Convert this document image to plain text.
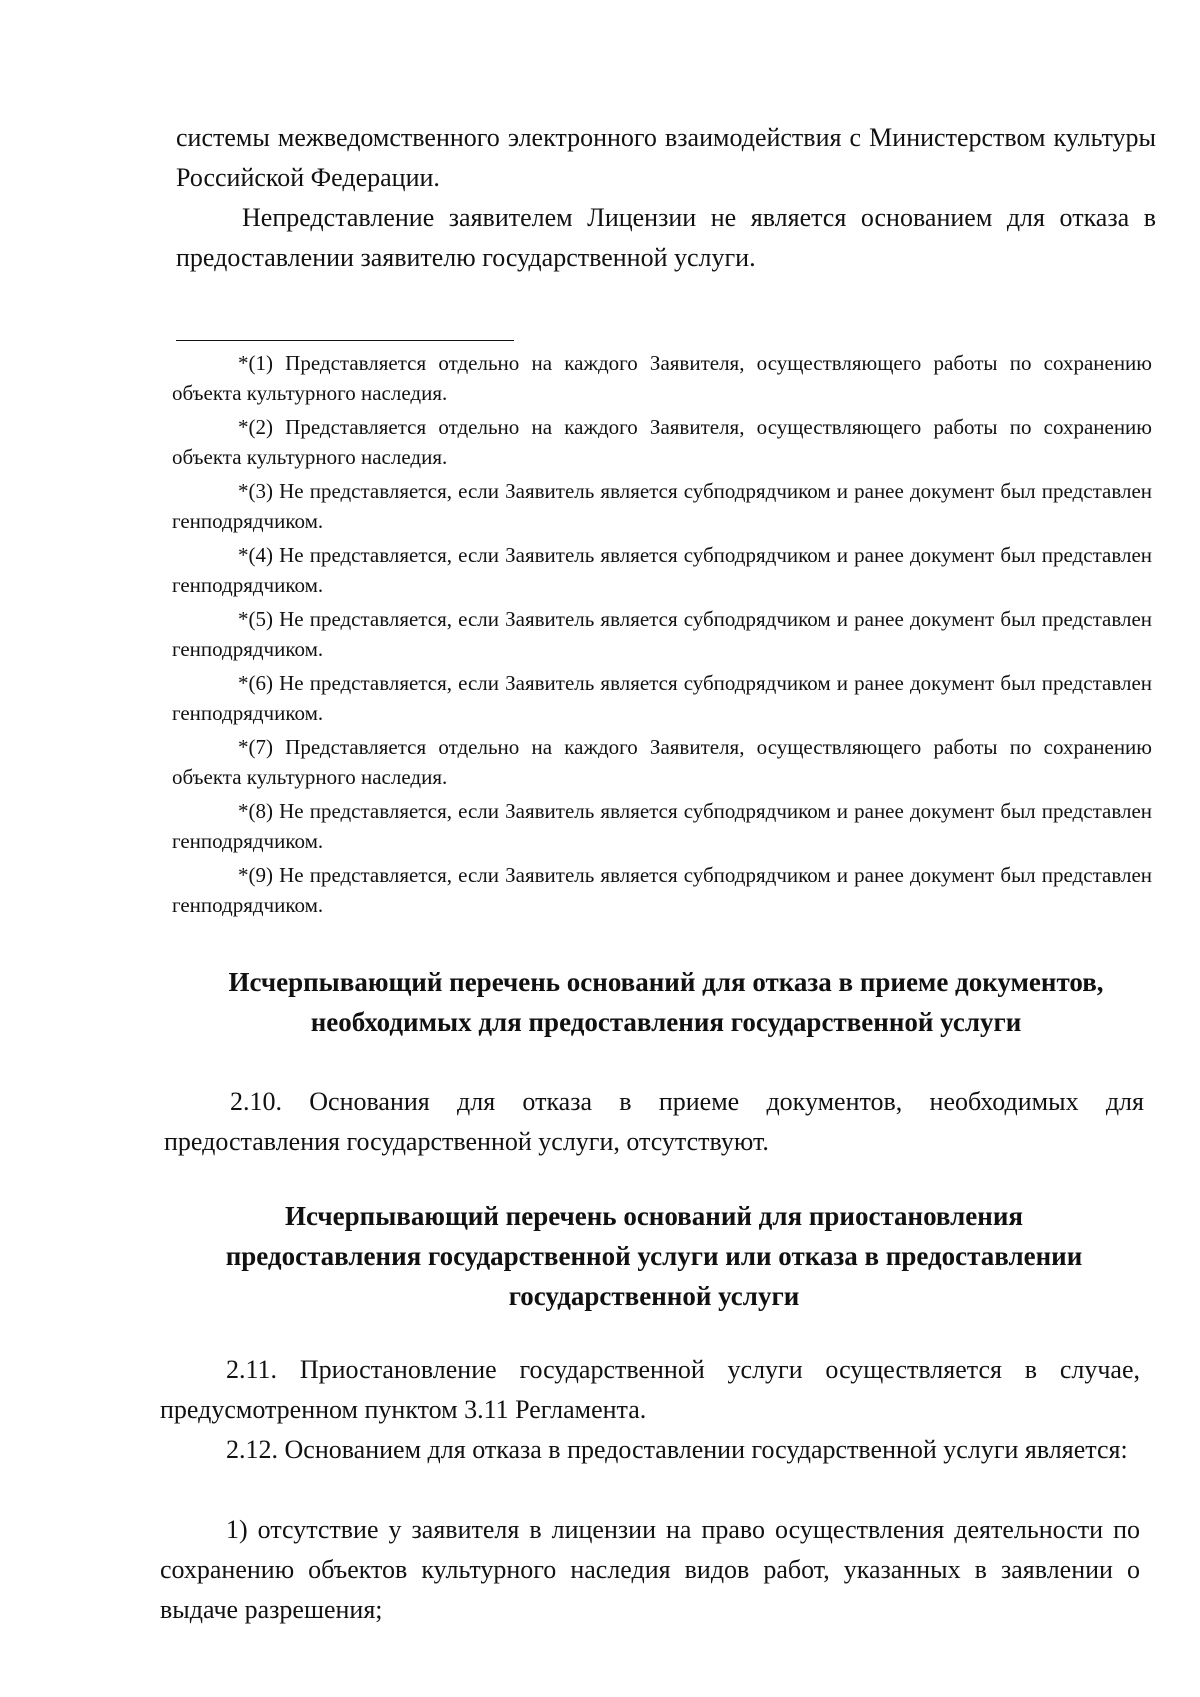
системы межведомственного электронного взаимодействия с Министерством культуры Российской Федерации.
Непредставление заявителем Лицензии не является основанием для отказа в предоставлении заявителю государственной услуги.
*(1) Представляется отдельно на каждого Заявителя, осуществляющего работы по сохранению объекта культурного наследия.
*(2) Представляется отдельно на каждого Заявителя, осуществляющего работы по сохранению объекта культурного наследия.
*(3) Не представляется, если Заявитель является субподрядчиком и ранее документ был представлен генподрядчиком.
*(4) Не представляется, если Заявитель является субподрядчиком и ранее документ был представлен генподрядчиком.
*(5) Не представляется, если Заявитель является субподрядчиком и ранее документ был представлен генподрядчиком.
*(6) Не представляется, если Заявитель является субподрядчиком и ранее документ был представлен генподрядчиком.
*(7) Представляется отдельно на каждого Заявителя, осуществляющего работы по сохранению объекта культурного наследия.
*(8) Не представляется, если Заявитель является субподрядчиком и ранее документ был представлен генподрядчиком.
*(9) Не представляется, если Заявитель является субподрядчиком и ранее документ был представлен генподрядчиком.
Исчерпывающий перечень оснований для отказа в приеме документов,
необходимых для предоставления государственной услуги
2.10. Основания для отказа в приеме документов, необходимых для предоставления государственной услуги, отсутствуют.
Исчерпывающий перечень оснований для приостановления
предоставления государственной услуги или отказа в предоставлении
государственной услуги
2.11. Приостановление государственной услуги осуществляется в случае, предусмотренном пунктом 3.11 Регламента.
2.12. Основанием для отказа в предоставлении государственной услуги является:
1) отсутствие у заявителя в лицензии на право осуществления деятельности по сохранению объектов культурного наследия видов работ, указанных в заявлении о выдаче разрешения;
